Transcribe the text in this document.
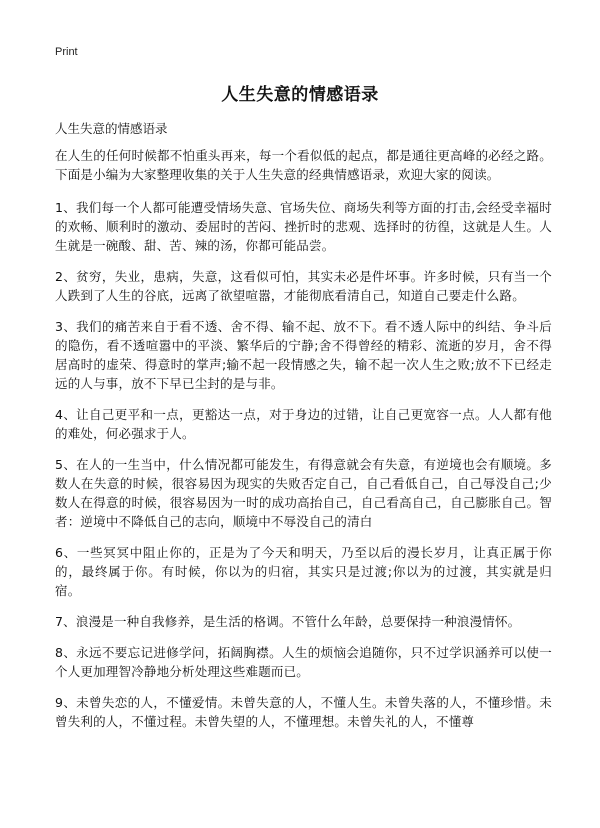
Print
人生失意的情感语录

人生失意的情感语录

在人生的任何时候都不怕重头再来，每一个看似低的起点，都是通往更高峰的必经之路。下面是小编为大家整理收集的关于人生失意的经典情感语录，欢迎大家的阅读。

1、我们每一个人都可能遭受情场失意、官场失位、商场失利等方面的打击,会经受幸福时的欢畅、顺利时的激动、委屈时的苦闷、挫折时的悲观、选择时的彷徨，这就是人生。人生就是一碗酸、甜、苦、辣的汤，你都可能品尝。

2、贫穷，失业，患病，失意，这看似可怕，其实未必是件坏事。许多时候，只有当一个人跌到了人生的谷底，远离了欲望喧嚣，才能彻底看清自己，知道自己要走什么路。

3、我们的痛苦来自于看不透、舍不得、输不起、放不下。看不透人际中的纠结、争斗后的隐伤，看不透喧嚣中的平淡、繁华后的宁静;舍不得曾经的精彩、流逝的岁月，舍不得居高时的虚荣、得意时的掌声;输不起一段情感之失，输不起一次人生之败;放不下已经走远的人与事，放不下早已尘封的是与非。

4、让自己更平和一点，更豁达一点，对于身边的过错，让自己更宽容一点。人人都有他的难处，何必强求于人。

5、在人的一生当中，什么情况都可能发生，有得意就会有失意，有逆境也会有顺境。多数人在失意的时候，很容易因为现实的失败否定自己，自己看低自己，自己辱没自己;少数人在得意的时候，很容易因为一时的成功高抬自己，自己看高自己，自己膨胀自己。智者：逆境中不降低自己的志向，顺境中不辱没自己的清白

6、一些冥冥中阻止你的，正是为了今天和明天，乃至以后的漫长岁月，让真正属于你的，最终属于你。有时候，你以为的归宿，其实只是过渡;你以为的过渡，其实就是归宿。

7、浪漫是一种自我修养，是生活的格调。不管什么年龄，总要保持一种浪漫情怀。

8、永远不要忘记进修学问，拓阔胸襟。人生的烦恼会追随你，只不过学识涵养可以使一个人更加理智冷静地分析处理这些难题而已。

9、未曾失恋的人，不懂爱情。未曾失意的人，不懂人生。未曾失落的人，不懂珍惜。未曾失利的人，不懂过程。未曾失望的人，不懂理想。未曾失礼的人，不懂尊
